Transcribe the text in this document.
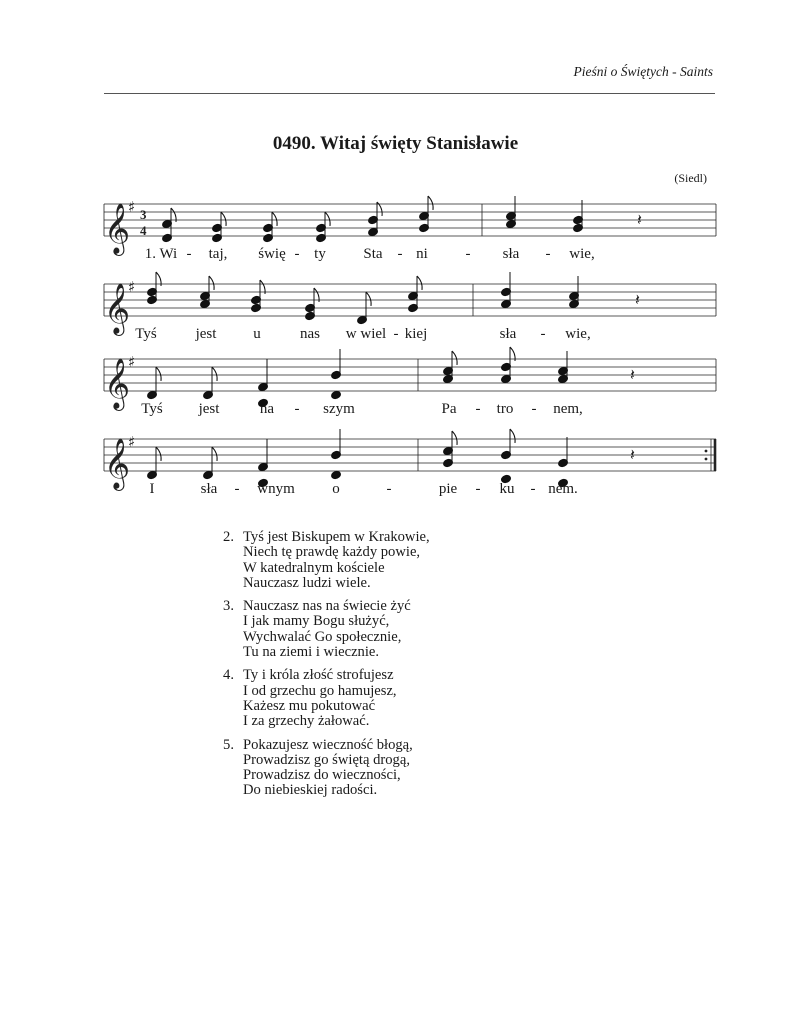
Pieśni o Świętych - Saints
0490. Witaj święty Stanisławie
(Siedl)
𝄞
♯ 3
4
𝄽
𝄞
♯
𝄽
𝄞
♯
𝄽
𝄞
♯
𝄽
1. Wi - taj, świę - ty	Sta - ni	- sła - wie,
Tyś	jest u	nas w wiel - kiej	sła - wie,
Tyś jest	na - szym	Pa - tro - nem,
I	sła - wnym	o	-	pie - ku - nem.
2. Tyś jest Biskupem w Krakowie,
Niech tę prawdę każdy powie,
W katedralnym kościele
Nauczasz ludzi wiele.
3. Nauczasz nas na świecie żyć
I jak mamy Bogu służyć,
Wychwalać Go społecznie,
Tu na ziemi i wiecznie.
4. Ty i króla złość strofujesz
I od grzechu go hamujesz,
Każesz mu pokutować
I za grzechy żałować.
5. Pokazujesz wieczność błogą,
Prowadzisz go świętą drogą,
Prowadzisz do wieczności,
Do niebieskiej radości.
